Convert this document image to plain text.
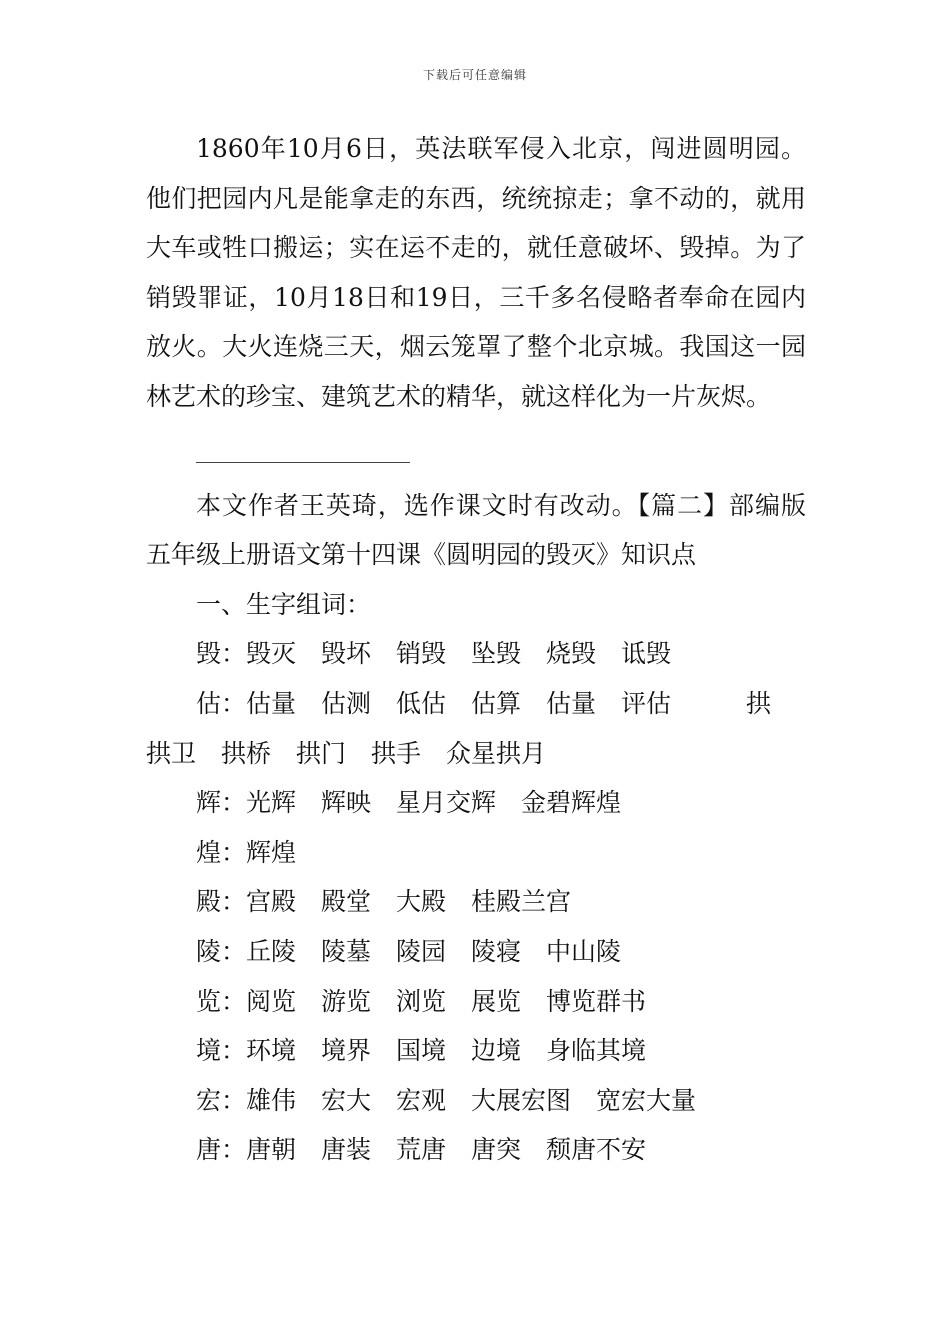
下载后可任意编辑

1860年10月6日，英法联军侵入北京，闯进圆明园。他们把园内凡是能拿走的东西，统统掠走；拿不动的，就用大车或牲口搬运；实在运不走的，就任意破坏、毁掉。为了销毁罪证，10月18日和19日，三千多名侵略者奉命在园内放火。大火连烧三天，烟云笼罩了整个北京城。我国这一园林艺术的珍宝、建筑艺术的精华，就这样化为一片灰烬。

本文作者王英琦，选作课文时有改动。【篇二】部编版五年级上册语文第十四课《圆明园的毁灭》知识点

一、生字组词：

毁：毁灭　毁坏　销毁　坠毁　烧毁　诋毁

估：估量　估测　低估　估算　估量　评估　　　拱　拱卫　拱桥　拱门　拱手　众星拱月

辉：光辉　辉映　星月交辉　金碧辉煌

煌：辉煌

殿：宫殿　殿堂　大殿　桂殿兰宫

陵：丘陵　陵墓　陵园　陵寝　中山陵

览：阅览　游览　浏览　展览　博览群书

境：环境　境界　国境　边境　身临其境

宏：雄伟　宏大　宏观　大展宏图　宽宏大量

唐：唐朝　唐装　荒唐　唐突　颓唐不安
